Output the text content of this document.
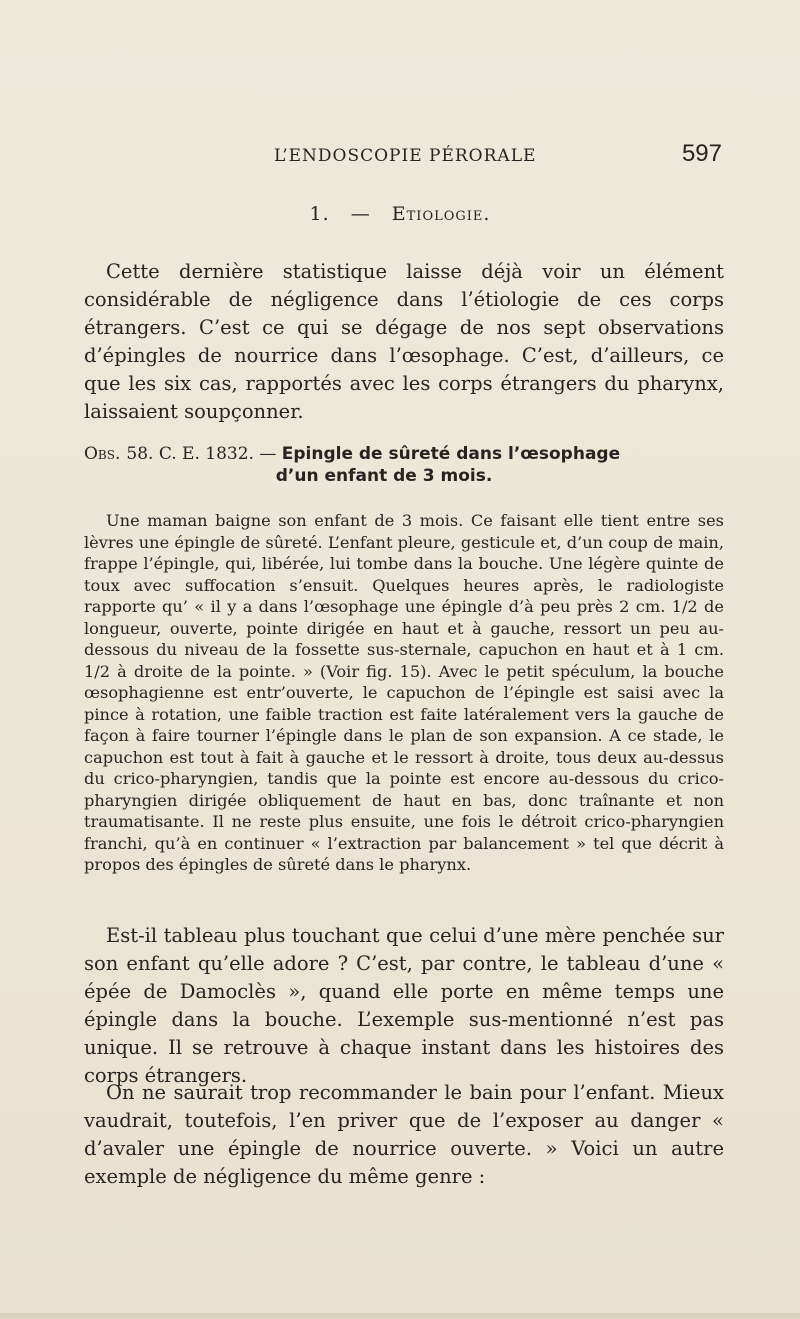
L’ENDOSCOPIE PÉRORALE	597
1. — Etiologie.

Cette dernière statistique laisse déjà voir un élément considérable de négligence dans l’étiologie de ces corps étrangers. C’est ce qui se dégage de nos sept observations d’épingles de nourrice dans l’œsophage. C’est, d’ailleurs, ce que les six cas, rapportés avec les corps étrangers du pharynx, laissaient soupçonner.

Obs. 58. C. E. 1832. — Epingle de sûreté dans l’œsophage
d’un enfant de 3 mois.

Une maman baigne son enfant de 3 mois. Ce faisant elle tient entre ses lèvres une épingle de sûreté. L’enfant pleure, gesticule et, d’un coup de main, frappe l’épingle, qui, libérée, lui tombe dans la bouche. Une légère quinte de toux avec suffocation s’ensuit. Quelques heures après, le radiologiste rapporte qu’ « il y a dans l’œsophage une épingle d’à peu près 2 cm. 1/2 de longueur, ouverte, pointe dirigée en haut et à gauche, ressort un peu au-dessous du niveau de la fossette sus-sternale, capuchon en haut et à 1 cm. 1/2 à droite de la pointe. » (Voir fig. 15). Avec le petit spéculum, la bouche œsophagienne est entr’ouverte, le capuchon de l’épingle est saisi avec la pince à rotation, une faible traction est faite latéralement vers la gauche de façon à faire tourner l’épingle dans le plan de son expansion. A ce stade, le capuchon est tout à fait à gauche et le ressort à droite, tous deux au-dessus du crico-pharyngien, tandis que la pointe est encore au-dessous du crico-pharyngien dirigée obliquement de haut en bas, donc traînante et non traumatisante. Il ne reste plus ensuite, une fois le détroit crico-pharyngien franchi, qu’à en continuer « l’extraction par balancement » tel que décrit à propos des épingles de sûreté dans le pharynx.

Est-il tableau plus touchant que celui d’une mère penchée sur son enfant qu’elle adore ? C’est, par contre, le tableau d’une « épée de Damoclès », quand elle porte en même temps une épingle dans la bouche. L’exemple sus-mentionné n’est pas unique. Il se retrouve à chaque instant dans les histoires des corps étrangers.

On ne saurait trop recommander le bain pour l’enfant. Mieux vaudrait, toutefois, l’en priver que de l’exposer au danger « d’avaler une épingle de nourrice ouverte. » Voici un autre exemple de négligence du même genre :
